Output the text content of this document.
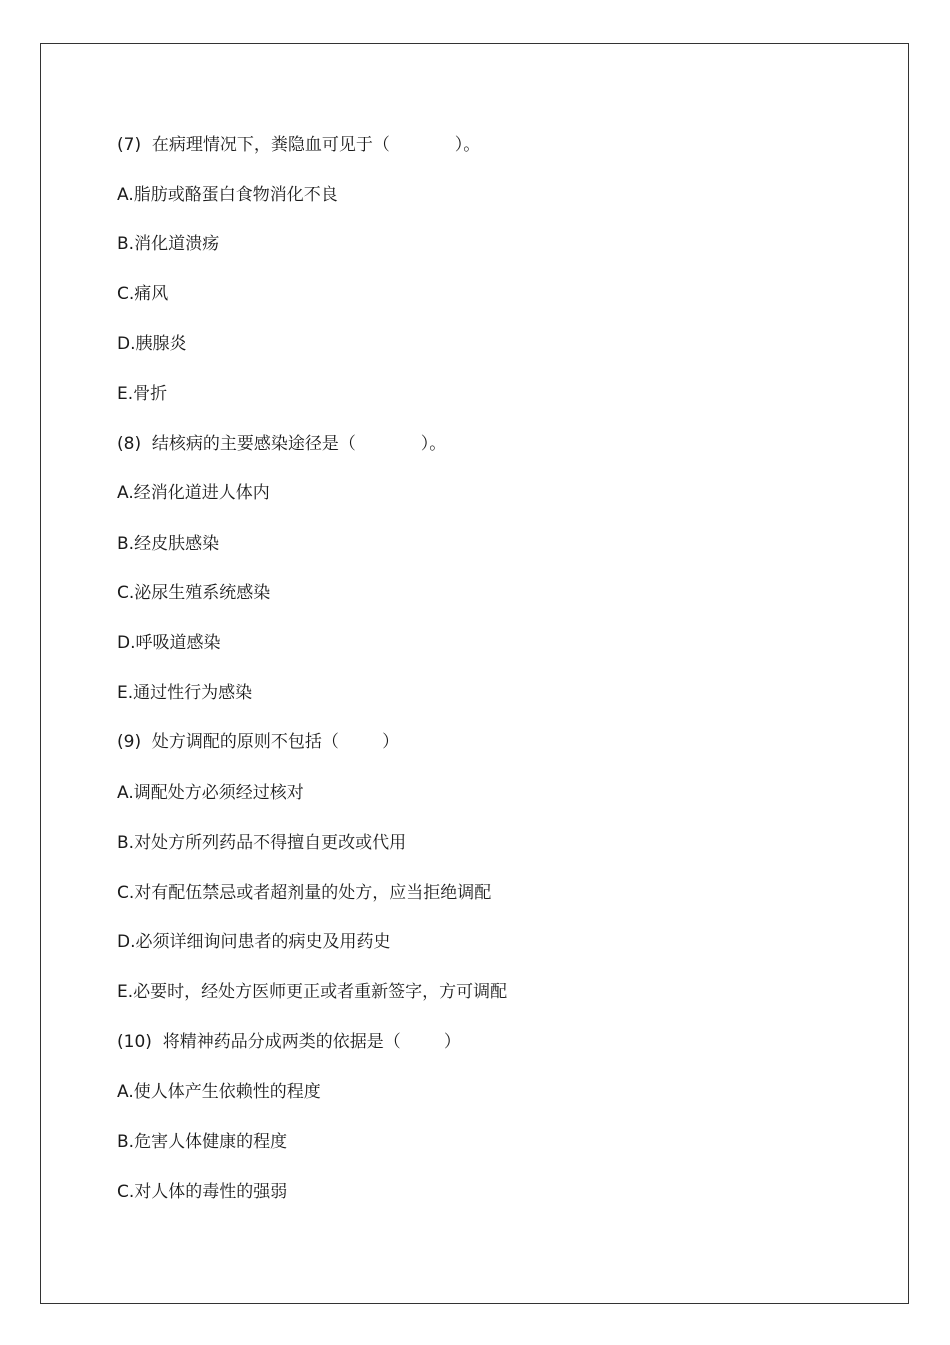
(7)  在病理情况下，粪隐血可见于（            ）。
A.脂肪或酪蛋白食物消化不良
B.消化道溃疡
C.痛风
D.胰腺炎
E.骨折
(8)  结核病的主要感染途径是（            ）。
A.经消化道进人体内
B.经皮肤感染
C.泌尿生殖系统感染
D.呼吸道感染
E.通过性行为感染
(9)  处方调配的原则不包括（        ）
A.调配处方必须经过核对
B.对处方所列药品不得擅自更改或代用
C.对有配伍禁忌或者超剂量的处方，应当拒绝调配
D.必须详细询问患者的病史及用药史
E.必要时，经处方医师更正或者重新签字，方可调配
(10)  将精神药品分成两类的依据是（        ）
A.使人体产生依赖性的程度
B.危害人体健康的程度
C.对人体的毒性的强弱
